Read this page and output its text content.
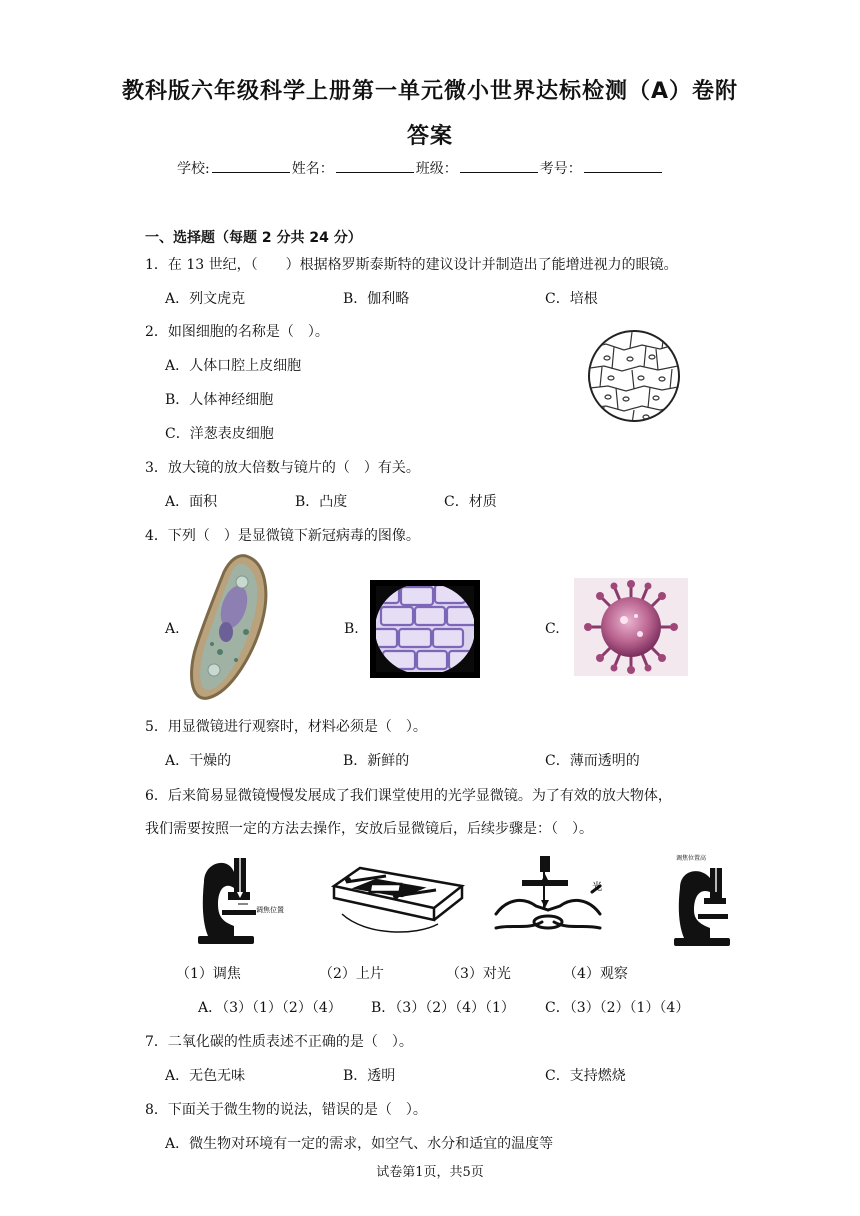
教科版六年级科学上册第一单元微小世界达标检测（A）卷附
答案
学校:	姓名：	班级：	考号：
一、选择题（每题 2 分共 24 分）
1．在 13 世纪，（　　）根据格罗斯泰斯特的建议设计并制造出了能增进视力的眼镜。
A．列文虎克	B．伽利略	C．培根
2．如图细胞的名称是（　）。
A．人体口腔上皮细胞
B．人体神经细胞
C．洋葱表皮细胞
3．放大镜的放大倍数与镜片的（　）有关。
A．面积	B．凸度	C．材质
4．下列（　）是显微镜下新冠病毒的图像。
A.	B.	C.
5．用显微镜进行观察时，材料必须是（　）。
A．干燥的	B．新鲜的	C．薄而透明的
6．后来简易显微镜慢慢发展成了我们课堂使用的光学显微镜。为了有效的放大物体，
我们需要按照一定的方法去操作，安放后显微镜后，后续步骤是：（　）。
调焦位置
光
调焦位置高
（1）调焦	（2）上片	（3）对光	（4）观察
A．（3）（1）（2）（4） B．（3）（2）（4）（1） C．（3）（2）（1）（4）
7．二氧化碳的性质表述不正确的是（　）。
A．无色无味	B．透明	C．支持燃烧
8．下面关于微生物的说法，错误的是（　）。
A．微生物对环境有一定的需求，如空气、水分和适宜的温度等
试卷第1页，共5页
